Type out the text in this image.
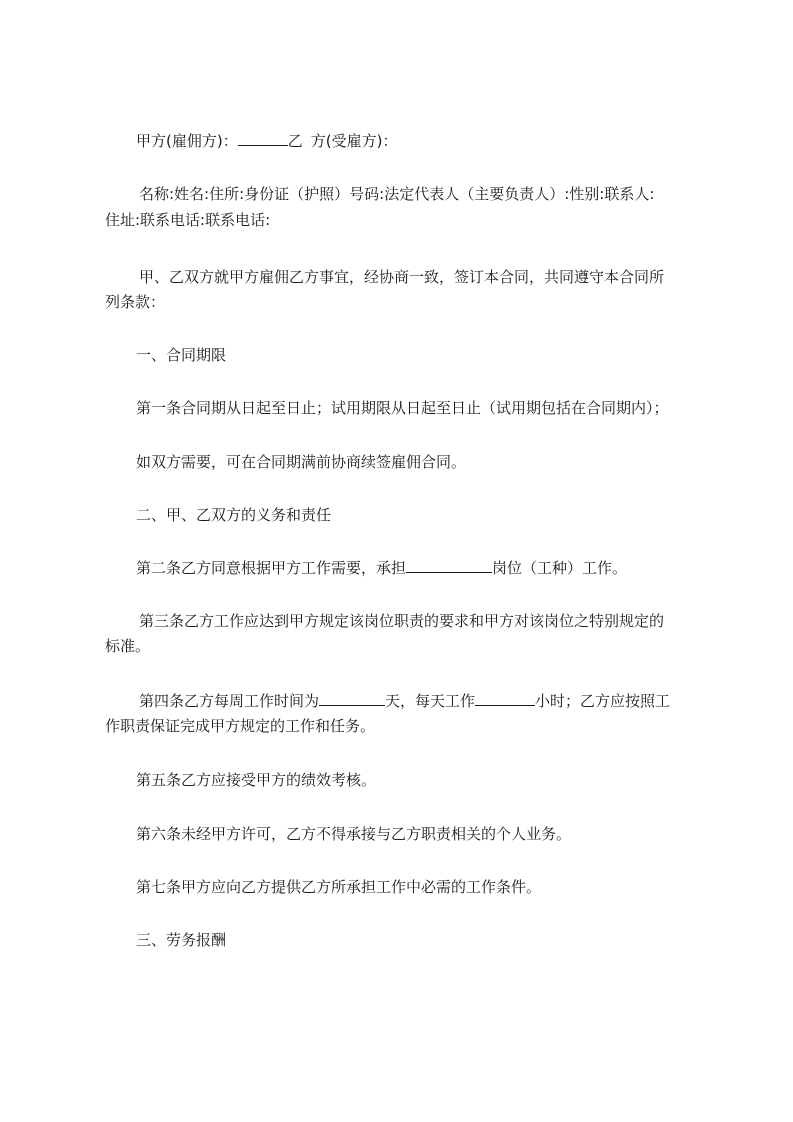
甲方(雇佣方)：	乙 方(受雇方)：
名称:姓名:住所:身份证（护照）号码:法定代表人（主要负责人）:性别:联系人:
住址:联系电话:联系电话:
甲、乙双方就甲方雇佣乙方事宜，经协商一致，签订本合同，共同遵守本合同所
列条款：
一、合同期限
第一条合同期从日起至日止；试用期限从日起至日止（试用期包括在合同期内）；
如双方需要，可在合同期满前协商续签雇佣合同。
二、甲、乙双方的义务和责任
第二条乙方同意根据甲方工作需要，承担	岗位（工种）工作。
第三条乙方工作应达到甲方规定该岗位职责的要求和甲方对该岗位之特别规定的
标准。
第四条乙方每周工作时间为	天，每天工作	小时；乙方应按照工
作职责保证完成甲方规定的工作和任务。
第五条乙方应接受甲方的绩效考核。
第六条未经甲方许可，乙方不得承接与乙方职责相关的个人业务。
第七条甲方应向乙方提供乙方所承担工作中必需的工作条件。
三、劳务报酬
